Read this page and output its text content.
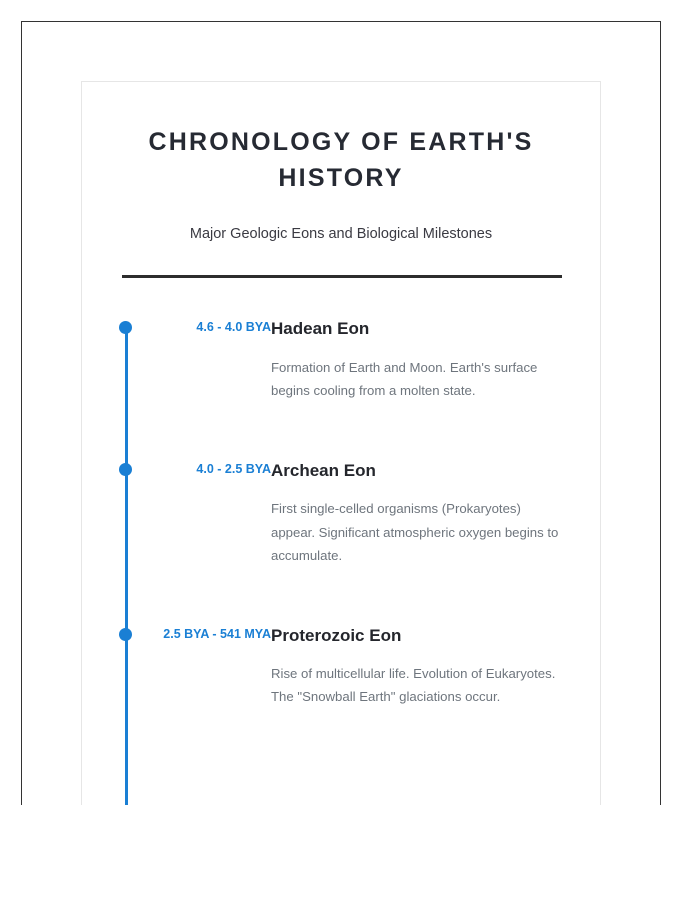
CHRONOLOGY OF EARTH'S HISTORY

Major Geologic Eons and Biological Milestones

4.6 - 4.0 BYA Hadean Eon

Formation of Earth and Moon. Earth's surface begins cooling from a molten state.

4.0 - 2.5 BYA Archean Eon

First single-celled organisms (Prokaryotes) appear. Significant atmospheric oxygen begins to accumulate.

2.5 BYA - 541 MYA Proterozoic Eon

Rise of multicellular life. Evolution of Eukaryotes. The "Snowball Earth" glaciations occur.
